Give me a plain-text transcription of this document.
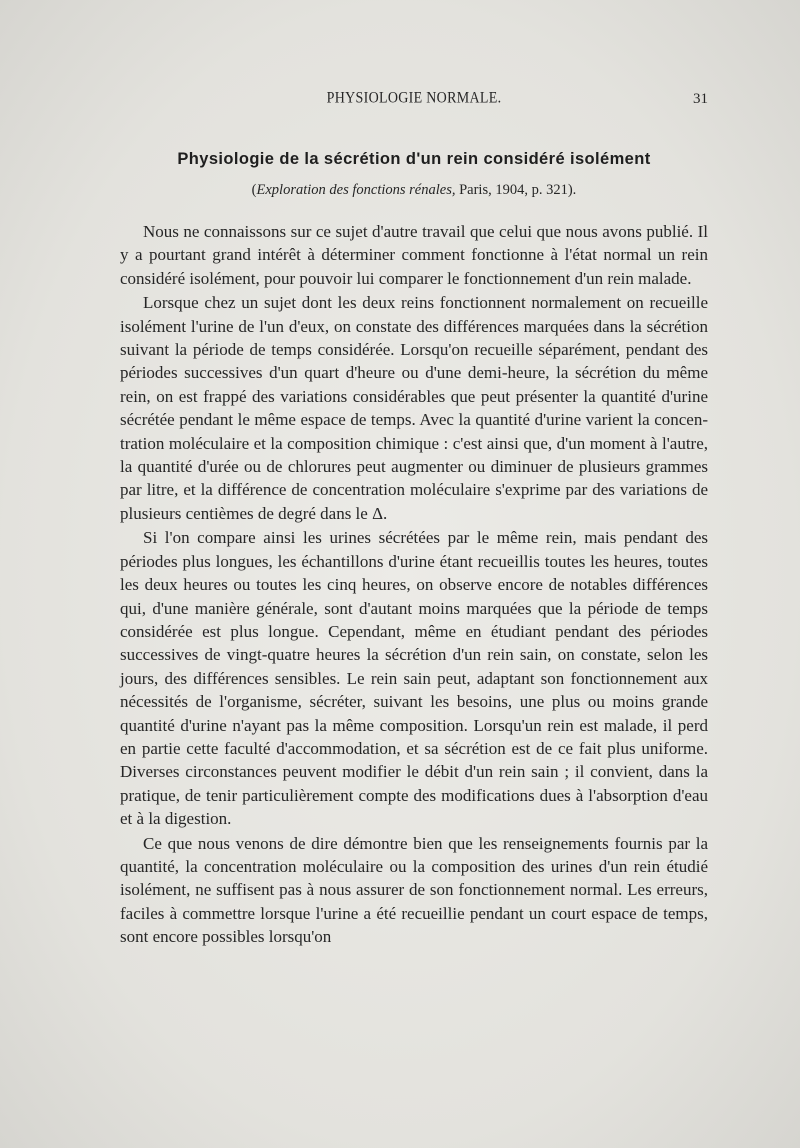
PHYSIOLOGIE NORMALE.	31
Physiologie de la sécrétion d'un rein considéré isolément
(Exploration des fonctions rénales, Paris, 1904, p. 321).

Nous ne connaissons sur ce sujet d'autre travail que celui que nous avons publié. Il y a pourtant grand intérêt à déterminer comment fonctionne à l'état normal un rein considéré isolément, pour pouvoir lui comparer le fonctionnement d'un rein malade.

Lorsque chez un sujet dont les deux reins fonctionnent normalement on recueille isolément l'urine de l'un d'eux, on constate des différences marquées dans la sécrétion suivant la période de temps considérée. Lorsqu'on recueille séparément, pendant des périodes successives d'un quart d'heure ou d'une demi-heure, la sécrétion du même rein, on est frappé des variations considérables que peut présenter la quantité d'urine sécrétée pendant le même espace de temps. Avec la quantité d'urine varient la concentration moléculaire et la composition chimique : c'est ainsi que, d'un moment à l'autre, la quantité d'urée ou de chlorures peut augmenter ou diminuer de plusieurs grammes par litre, et la différence de concentration moléculaire s'exprime par des variations de plusieurs centièmes de degré dans le Δ.

Si l'on compare ainsi les urines sécrétées par le même rein, mais pendant des périodes plus longues, les échantillons d'urine étant recueillis toutes les heures, toutes les deux heures ou toutes les cinq heures, on observe encore de notables différences qui, d'une manière générale, sont d'autant moins marquées que la période de temps considérée est plus longue. Cependant, même en étudiant pendant des périodes successives de vingt-quatre heures la sécrétion d'un rein sain, on constate, selon les jours, des différences sensibles. Le rein sain peut, adaptant son fonctionnement aux nécessités de l'organisme, sécréter, suivant les besoins, une plus ou moins grande quantité d'urine n'ayant pas la même composition. Lorsqu'un rein est malade, il perd en partie cette faculté d'accommodation, et sa sécrétion est de ce fait plus uniforme. Diverses circonstances peuvent modifier le débit d'un rein sain ; il convient, dans la pratique, de tenir particulièrement compte des modifications dues à l'absorption d'eau et à la digestion.

Ce que nous venons de dire démontre bien que les renseignements fournis par la quantité, la concentration moléculaire ou la composition des urines d'un rein étudié isolément, ne suffisent pas à nous assurer de son fonctionnement normal. Les erreurs, faciles à commettre lorsque l'urine a été recueillie pendant un court espace de temps, sont encore possibles lorsqu'on
